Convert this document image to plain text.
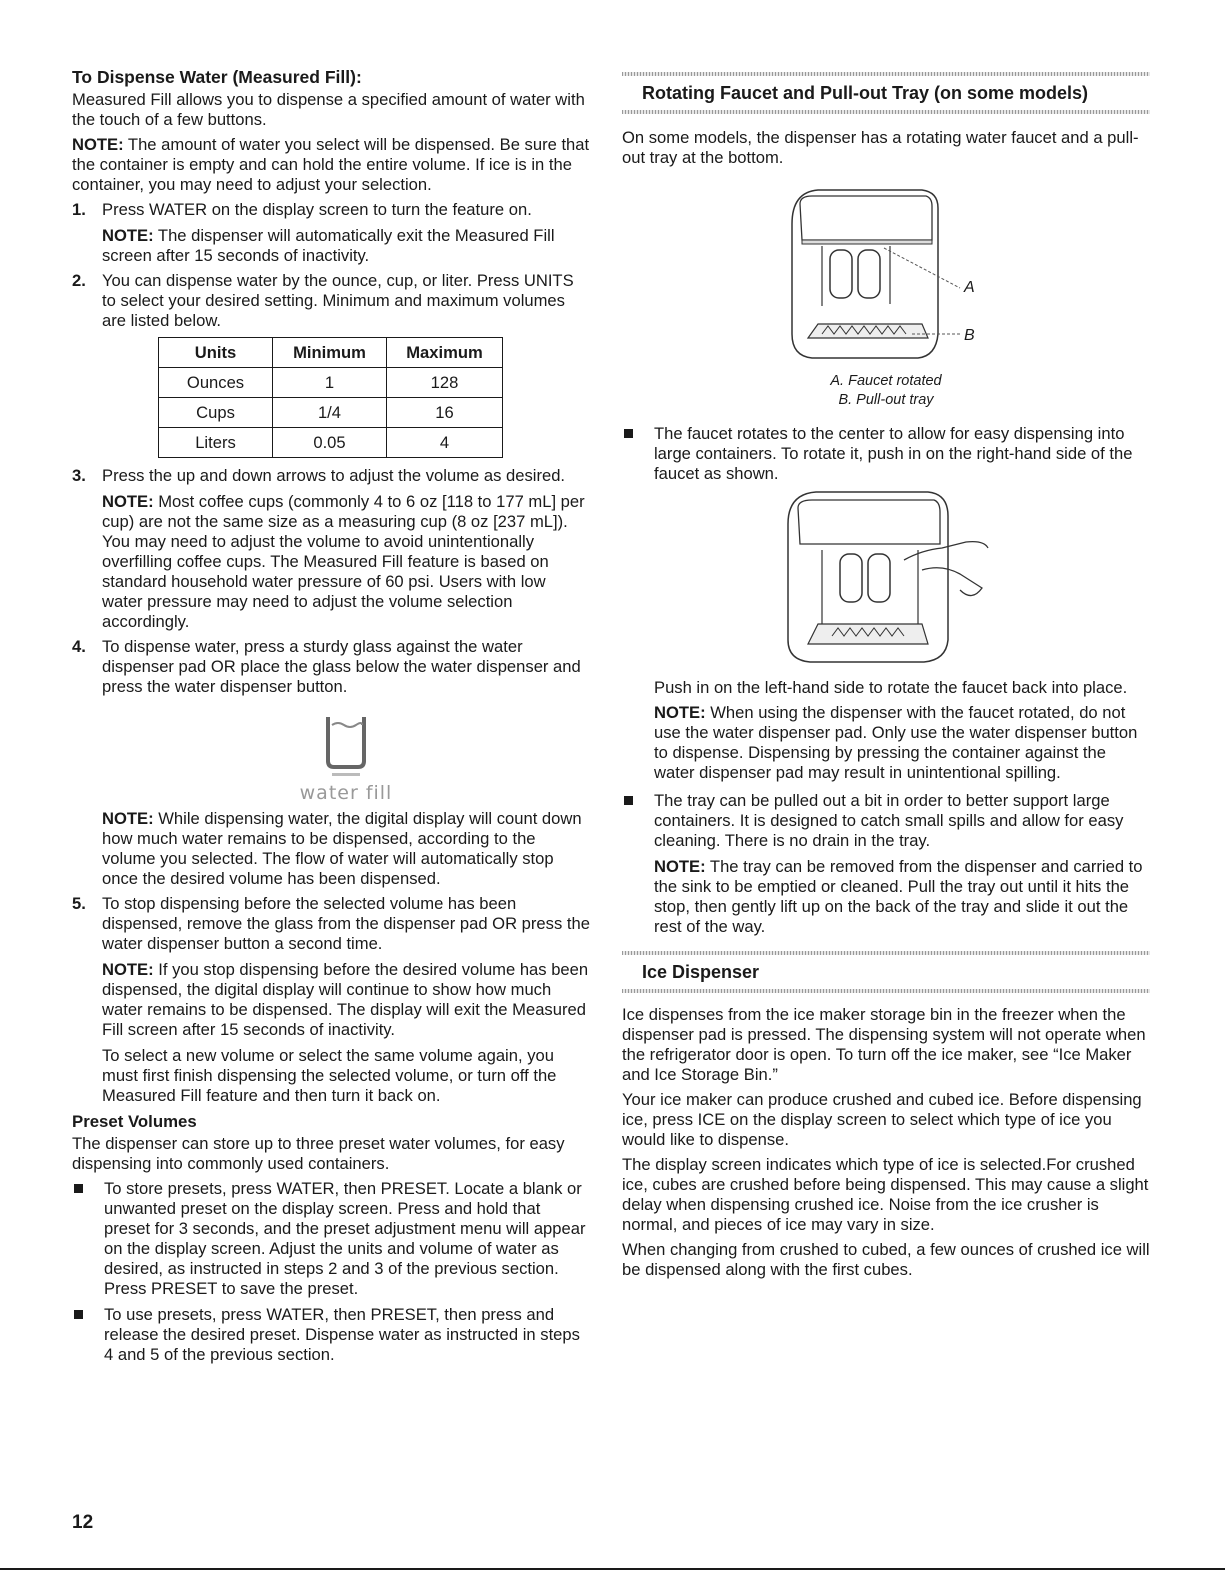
To Dispense Water (Measured Fill):

Measured Fill allows you to dispense a specified amount of water with the touch of a few buttons.

NOTE: The amount of water you select will be dispensed. Be sure that the container is empty and can hold the entire volume. If ice is in the container, you may need to adjust your selection.

1. Press WATER on the display screen to turn the feature on.

NOTE: The dispenser will automatically exit the Measured Fill screen after 15 seconds of inactivity.

2. You can dispense water by the ounce, cup, or liter. Press UNITS to select your desired setting. Minimum and maximum volumes are listed below.
Units	Minimum	Maximum
Ounces	1	128
Cups	1/4	16
Liters	0.05	4
3. Press the up and down arrows to adjust the volume as desired.

NOTE: Most coffee cups (commonly 4 to 6 oz [118 to 177 mL] per cup) are not the same size as a measuring cup (8 oz [237 mL]). You may need to adjust the volume to avoid unintentionally overfilling coffee cups. The Measured Fill feature is based on standard household water pressure of 60 psi. Users with low water pressure may need to adjust the volume selection accordingly.

4. To dispense water, press a sturdy glass against the water dispenser pad OR place the glass below the water dispenser and press the water dispenser button.
water fill

NOTE: While dispensing water, the digital display will count down how much water remains to be dispensed, according to the volume you selected. The flow of water will automatically stop once the desired volume has been dispensed.

5. To stop dispensing before the selected volume has been dispensed, remove the glass from the dispenser pad OR press the water dispenser button a second time.

NOTE: If you stop dispensing before the desired volume has been dispensed, the digital display will continue to show how much water remains to be dispensed. The display will exit the Measured Fill screen after 15 seconds of inactivity.

To select a new volume or select the same volume again, you must first finish dispensing the selected volume, or turn off the Measured Fill feature and then turn it back on.

Preset Volumes

The dispenser can store up to three preset water volumes, for easy dispensing into commonly used containers.

To store presets, press WATER, then PRESET. Locate a blank or unwanted preset on the display screen. Press and hold that preset for 3 seconds, and the preset adjustment menu will appear on the display screen. Adjust the units and volume of water as desired, as instructed in steps 2 and 3 of the previous section. Press PRESET to save the preset.
To use presets, press WATER, then PRESET, then press and release the desired preset. Dispense water as instructed in steps 4 and 5 of the previous section.
Rotating Faucet and Pull-out Tray (on some models)

On some models, the dispenser has a rotating water faucet and a pull-out tray at the bottom.

A
B
A. Faucet rotated
B. Pull-out tray
The faucet rotates to the center to allow for easy dispensing into large containers. To rotate it, push in on the right-hand side of the faucet as shown.

Push in on the left-hand side to rotate the faucet back into place.

NOTE: When using the dispenser with the faucet rotated, do not use the water dispenser pad. Only use the water dispenser button to dispense. Dispensing by pressing the container against the water dispenser pad may result in unintentional spilling.

The tray can be pulled out a bit in order to better support large containers. It is designed to catch small spills and allow for easy cleaning. There is no drain in the tray.

NOTE: The tray can be removed from the dispenser and carried to the sink to be emptied or cleaned. Pull the tray out until it hits the stop, then gently lift up on the back of the tray and slide it out the rest of the way.

Ice Dispenser

Ice dispenses from the ice maker storage bin in the freezer when the dispenser pad is pressed. The dispensing system will not operate when the refrigerator door is open. To turn off the ice maker, see “Ice Maker and Ice Storage Bin.”

Your ice maker can produce crushed and cubed ice. Before dispensing ice, press ICE on the display screen to select which type of ice you would like to dispense.

The display screen indicates which type of ice is selected.For crushed ice, cubes are crushed before being dispensed. This may cause a slight delay when dispensing crushed ice. Noise from the ice crusher is normal, and pieces of ice may vary in size.

When changing from crushed to cubed, a few ounces of crushed ice will be dispensed along with the first cubes.

12
